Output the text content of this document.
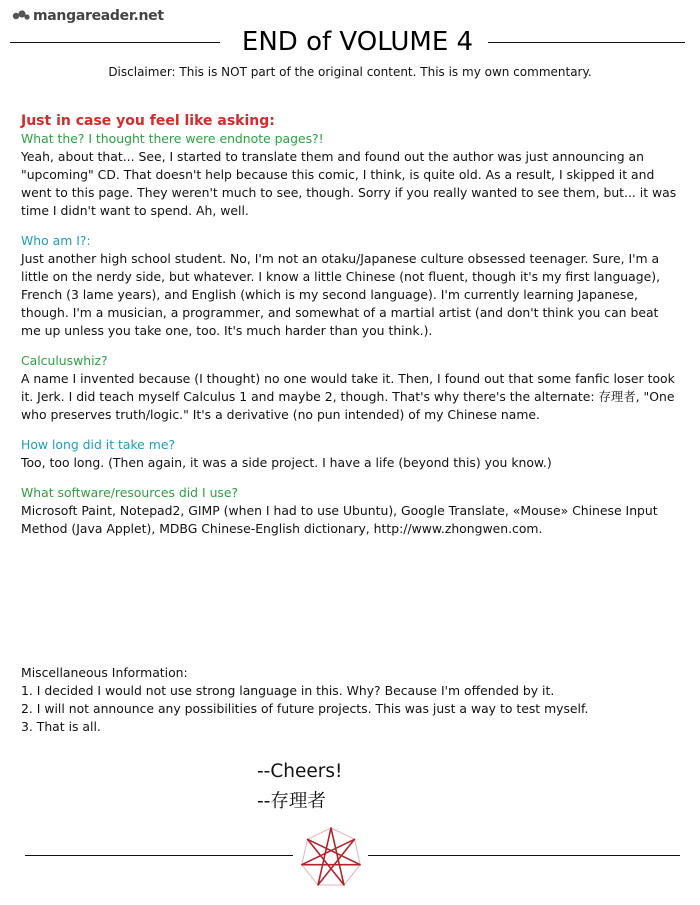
mangareader.net
END of VOLUME 4
Disclaimer: This is NOT part of the original content. This is my own commentary.

Just in case you feel like asking:

What the? I thought there were endnote pages?!

Yeah, about that... See, I started to translate them and found out the author was just announcing an "upcoming" CD. That doesn't help because this comic, I think, is quite old. As a result, I skipped it and went to this page. They weren't much to see, though. Sorry if you really wanted to see them, but... it was time I didn't want to spend. Ah, well.

Who am I?:

Just another high school student. No, I'm not an otaku/Japanese culture obsessed teenager. Sure, I'm a little on the nerdy side, but whatever. I know a little Chinese (not fluent, though it's my first language), French (3 lame years), and English (which is my second language). I'm currently learning Japanese, though. I'm a musician, a programmer, and somewhat of a martial artist (and don't think you can beat me up unless you take one, too. It's much harder than you think.).

Calculuswhiz?

A name I invented because (I thought) no one would take it. Then, I found out that some fanfic loser took it. Jerk. I did teach myself Calculus 1 and maybe 2, though. That's why there's the alternate: 存理者, "One who preserves truth/logic." It's a derivative (no pun intended) of my Chinese name.

How long did it take me?

Too, too long. (Then again, it was a side project. I have a life (beyond this) you know.)

What software/resources did I use?

Microsoft Paint, Notepad2, GIMP (when I had to use Ubuntu), Google Translate, «Mouse» Chinese Input Method (Java Applet), MDBG Chinese-English dictionary, http://www.zhongwen.com.

Miscellaneous Information:

1. I decided I would not use strong language in this. Why? Because I'm offended by it.

2. I will not announce any possibilities of future projects. This was just a way to test myself.

3. That is all.

--Cheers!

--存理者
